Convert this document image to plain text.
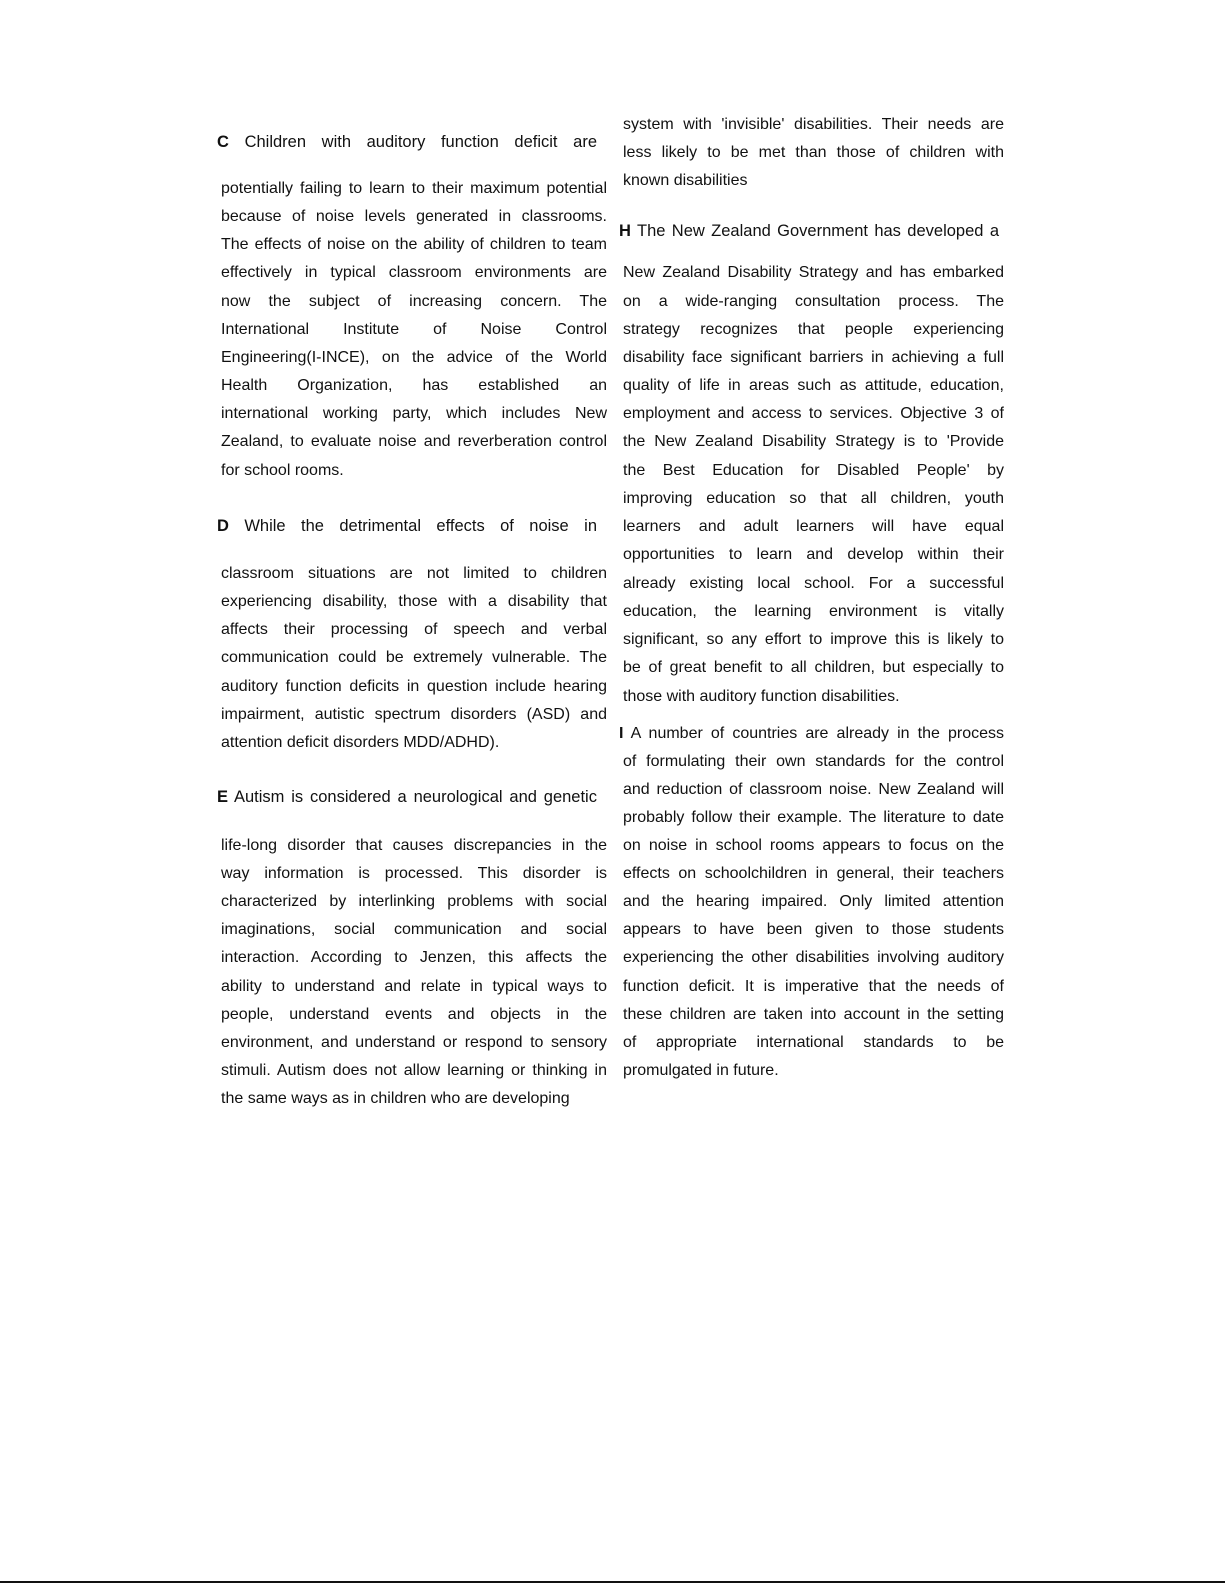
C Children with auditory function deficit are
potentially failing to learn to their maximum potential
because of noise levels generated in classrooms.
The effects of noise on the ability of children to team
effectively in typical classroom environments are
now the subject of increasing concern. The
International Institute of Noise Control
Engineering(I-INCE), on the advice of the World
Health Organization, has established an
international working party, which includes New
Zealand, to evaluate noise and reverberation control
for school rooms.
D While the detrimental effects of noise in
classroom situations are not limited to children
experiencing disability, those with a disability that
affects their processing of speech and verbal
communication could be extremely vulnerable. The
auditory function deficits in question include hearing
impairment, autistic spectrum disorders (ASD) and
attention deficit disorders MDD/ADHD).
E Autism is considered a neurological and genetic
life-long disorder that causes discrepancies in the
way information is processed. This disorder is
characterized by interlinking problems with social
imaginations, social communication and social
interaction. According to Jenzen, this affects the
ability to understand and relate in typical ways to
people, understand events and objects in the
environment, and understand or respond to sensory
stimuli. Autism does not allow learning or thinking in
the same ways as in children who are developing
system with 'invisible' disabilities. Their needs are
less likely to be met than those of children with
known disabilities
H The New Zealand Government has developed a
New Zealand Disability Strategy and has embarked
on a wide-ranging consultation process. The
strategy recognizes that people experiencing
disability face significant barriers in achieving a full
quality of life in areas such as attitude, education,
employment and access to services. Objective 3 of
the New Zealand Disability Strategy is to 'Provide
the Best Education for Disabled People' by
improving education so that all children, youth
learners and adult learners will have equal
opportunities to learn and develop within their
already existing local school. For a successful
education, the learning environment is vitally
significant, so any effort to improve this is likely to
be of great benefit to all children, but especially to
those with auditory function disabilities.
I A number of countries are already in the process
of formulating their own standards for the control
and reduction of classroom noise. New Zealand will
probably follow their example. The literature to date
on noise in school rooms appears to focus on the
effects on schoolchildren in general, their teachers
and the hearing impaired. Only limited attention
appears to have been given to those students
experiencing the other disabilities involving auditory
function deficit. It is imperative that the needs of
these children are taken into account in the setting
of appropriate international standards to be
promulgated in future.
